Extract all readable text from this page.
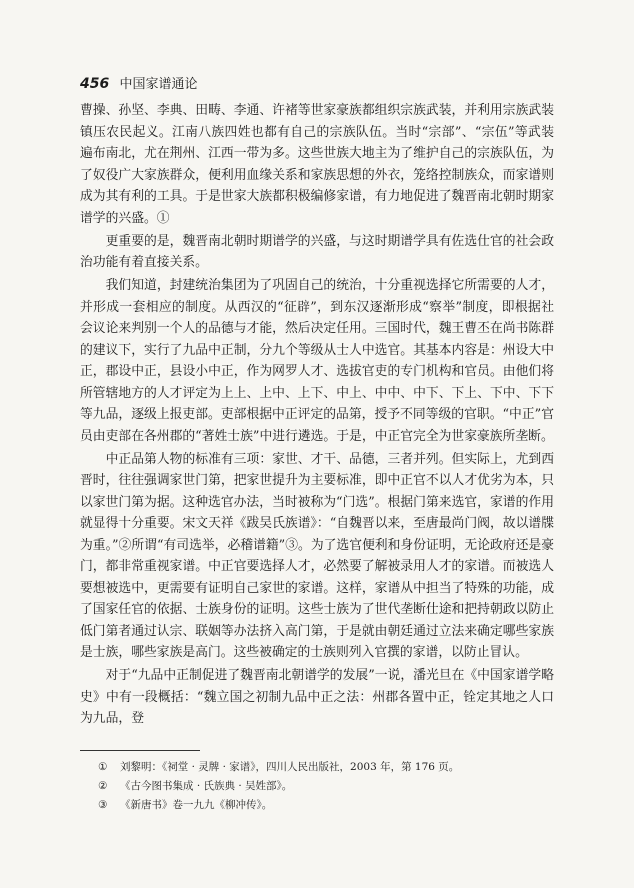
456 中国家谱通论

曹操、孙坚、李典、田畴、李通、许褚等世家豪族都组织宗族武装，并利用宗族武装镇压农民起义。江南八族四姓也都有自己的宗族队伍。当时“宗部”、“宗伍”等武装遍布南北，尤在荆州、江西一带为多。这些世族大地主为了维护自己的宗族队伍，为了奴役广大家族群众，便利用血缘关系和家族思想的外衣，笼络控制族众，而家谱则成为其有利的工具。于是世家大族都积极编修家谱，有力地促进了魏晋南北朝时期家谱学的兴盛。①

更重要的是，魏晋南北朝时期谱学的兴盛，与这时期谱学具有佐选仕官的社会政治功能有着直接关系。

我们知道，封建统治集团为了巩固自己的统治，十分重视选择它所需要的人才，并形成一套相应的制度。从西汉的“征辟”，到东汉逐渐形成“察举”制度，即根据社会议论来判别一个人的品德与才能，然后决定任用。三国时代，魏王曹丕在尚书陈群的建议下，实行了九品中正制，分九个等级从士人中选官。其基本内容是：州设大中正，郡设中正，县设小中正，作为网罗人才、选拔官吏的专门机构和官员。由他们将所管辖地方的人才评定为上上、上中、上下、中上、中中、中下、下上、下中、下下等九品，逐级上报吏部。吏部根据中正评定的品第，授予不同等级的官职。“中正”官员由吏部在各州郡的“著姓士族”中进行遴选。于是，中正官完全为世家豪族所垄断。

中正品第人物的标准有三项：家世、才干、品德，三者并列。但实际上，尤到西晋时，往往强调家世门第，把家世提升为主要标准，即中正官不以人才优劣为本，只以家世门第为据。这种选官办法，当时被称为“门选”。根据门第来选官，家谱的作用就显得十分重要。宋文天祥《跋吴氏族谱》：“自魏晋以来，至唐最尚门阀，故以谱牒为重。”②所谓“有司选举，必稽谱籍”③。为了选官便利和身份证明，无论政府还是豪门，都非常重视家谱。中正官要选择人才，必然要了解被录用人才的家谱。而被选人要想被选中，更需要有证明自己家世的家谱。这样，家谱从中担当了特殊的功能，成了国家任官的依据、士族身份的证明。这些士族为了世代垄断仕途和把持朝政以防止低门第者通过认宗、联姻等办法挤入高门第，于是就由朝廷通过立法来确定哪些家族是士族，哪些家族是高门。这些被确定的士族则列入官撰的家谱，以防止冒认。

对于“九品中正制促进了魏晋南北朝谱学的发展”一说，潘光旦在《中国家谱学略史》中有一段概括：“魏立国之初制九品中正之法：州郡各置中正，铨定其地之人口为九品，登

① 刘黎明：《祠堂 · 灵牌 · 家谱》，四川人民出版社，2003 年，第 176 页。
② 《古今图书集成 · 氏族典 · 吴姓部》。
③ 《新唐书》卷一九九《柳冲传》。
